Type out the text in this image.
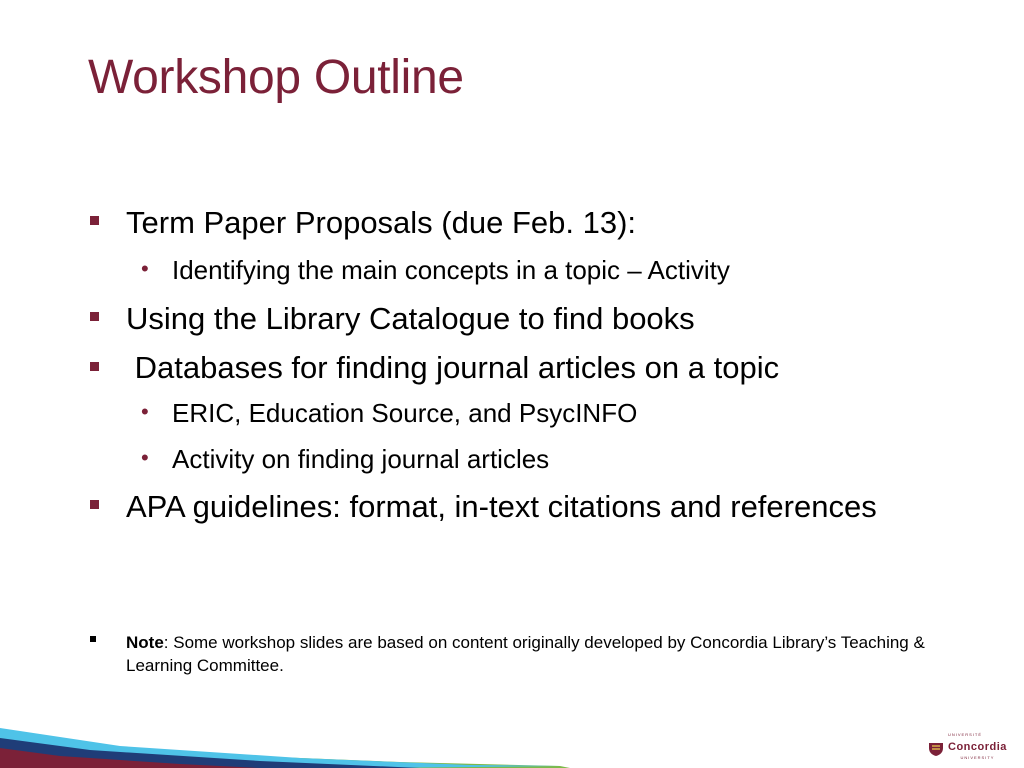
Workshop Outline
Term Paper Proposals (due Feb. 13):
• Identifying the main concepts in a topic – Activity
Using the Library Catalogue to find books
Databases for finding journal articles on a topic
• ERIC, Education Source, and PsycINFO
• Activity on finding journal articles
APA guidelines: format, in-text citations and references
Note: Some workshop slides are based on content originally developed by Concordia Library’s Teaching & Learning Committee.
UNIVERSITÉ
Concordia
UNIVERSITY
